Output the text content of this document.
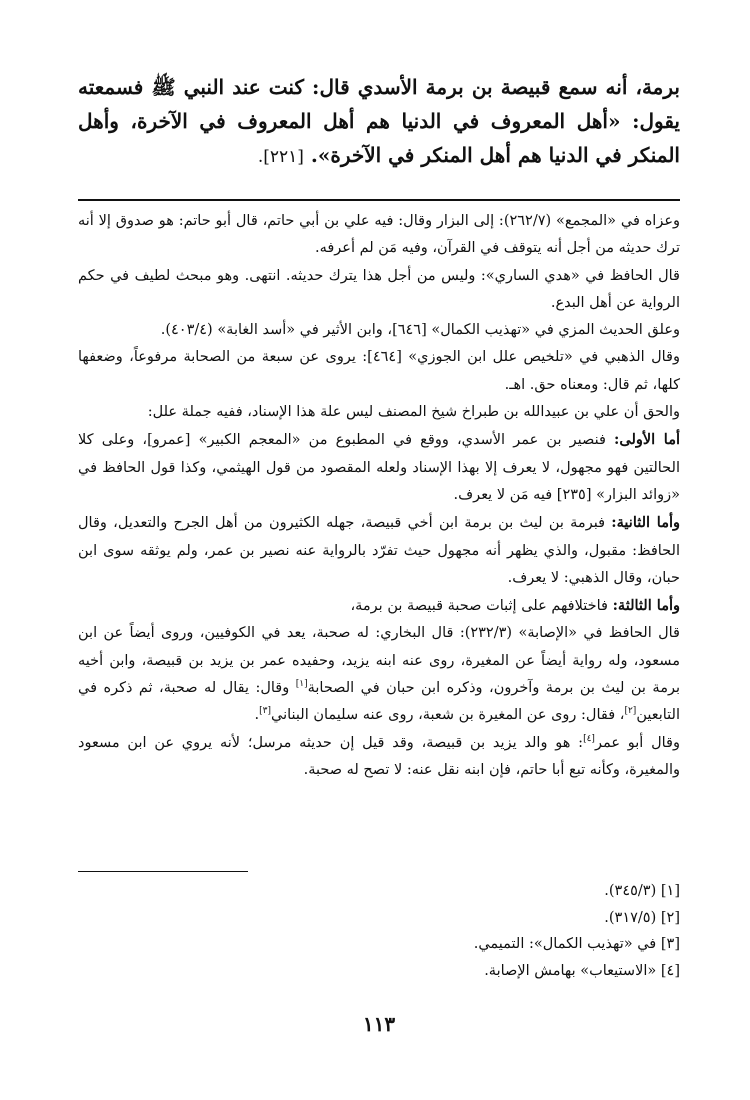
برمة، أنه سمع قبيصة بن برمة الأسدي قال: كنت عند النبي ﷺ فسمعته يقول: «أهل المعروف في الدنيا هم أهل المعروف في الآخرة، وأهل المنكر في الدنيا هم أهل المنكر في الآخرة». [٢٢١].

وعزاه في «المجمع» (٢٦٢/٧): إلى البزار وقال: فيه علي بن أبي حاتم، قال أبو حاتم: هو صدوق إلا أنه ترك حديثه من أجل أنه يتوقف في القرآن، وفيه مَن لم أعرفه.

قال الحافظ في «هدي الساري»: وليس من أجل هذا يترك حديثه. انتهى. وهو مبحث لطيف في حكم الرواية عن أهل البدع.

وعلق الحديث المزي في «تهذيب الكمال» [٦٤٦]، وابن الأثير في «أسد الغابة» (٤٠٣/٤).

وقال الذهبي في «تلخيص علل ابن الجوزي» [٤٦٤]: يروى عن سبعة من الصحابة مرفوعاً، وضعفها كلها، ثم قال: ومعناه حق. اهـ.

والحق أن علي بن عبيدالله بن طبراخ شيخ المصنف ليس علة هذا الإسناد، ففيه جملة علل:

أما الأولى: فنصير بن عمر الأسدي، ووقع في المطبوع من «المعجم الكبير» [عمرو]، وعلى كلا الحالتين فهو مجهول، لا يعرف إلا بهذا الإسناد ولعله المقصود من قول الهيثمي، وكذا قول الحافظ في «زوائد البزار» [٢٣٥] فيه مَن لا يعرف.

وأما الثانية: فبرمة بن ليث بن برمة ابن أخي قبيصة، جهله الكثيرون من أهل الجرح والتعديل، وقال الحافظ: مقبول، والذي يظهر أنه مجهول حيث تفرّد بالرواية عنه نصير بن عمر، ولم يوثقه سوى ابن حبان، وقال الذهبي: لا يعرف.

وأما الثالثة: فاختلافهم على إثبات صحبة قبيصة بن برمة،

قال الحافظ في «الإصابة» (٢٣٢/٣): قال البخاري: له صحبة، يعد في الكوفيين، وروى أيضاً عن ابن مسعود، وله رواية أيضاً عن المغيرة، روى عنه ابنه يزيد، وحفيده عمر بن يزيد بن قبيصة، وابن أخيه برمة بن ليث بن برمة وآخرون، وذكره ابن حبان في الصحابة[١] وقال: يقال له صحبة، ثم ذكره في التابعين[٢]، فقال: روى عن المغيرة بن شعبة، روى عنه سليمان البناني[٣].

وقال أبو عمر[٤]: هو والد يزيد بن قبيصة، وقد قيل إن حديثه مرسل؛ لأنه يروي عن ابن مسعود والمغيرة، وكأنه تبع أبا حاتم، فإن ابنه نقل عنه: لا تصح له صحبة.

[١] (٣٤٥/٣).

[٢] (٣١٧/٥).

[٣] في «تهذيب الكمال»: التميمي.

[٤] «الاستيعاب» بهامش الإصابة.

١١٣
